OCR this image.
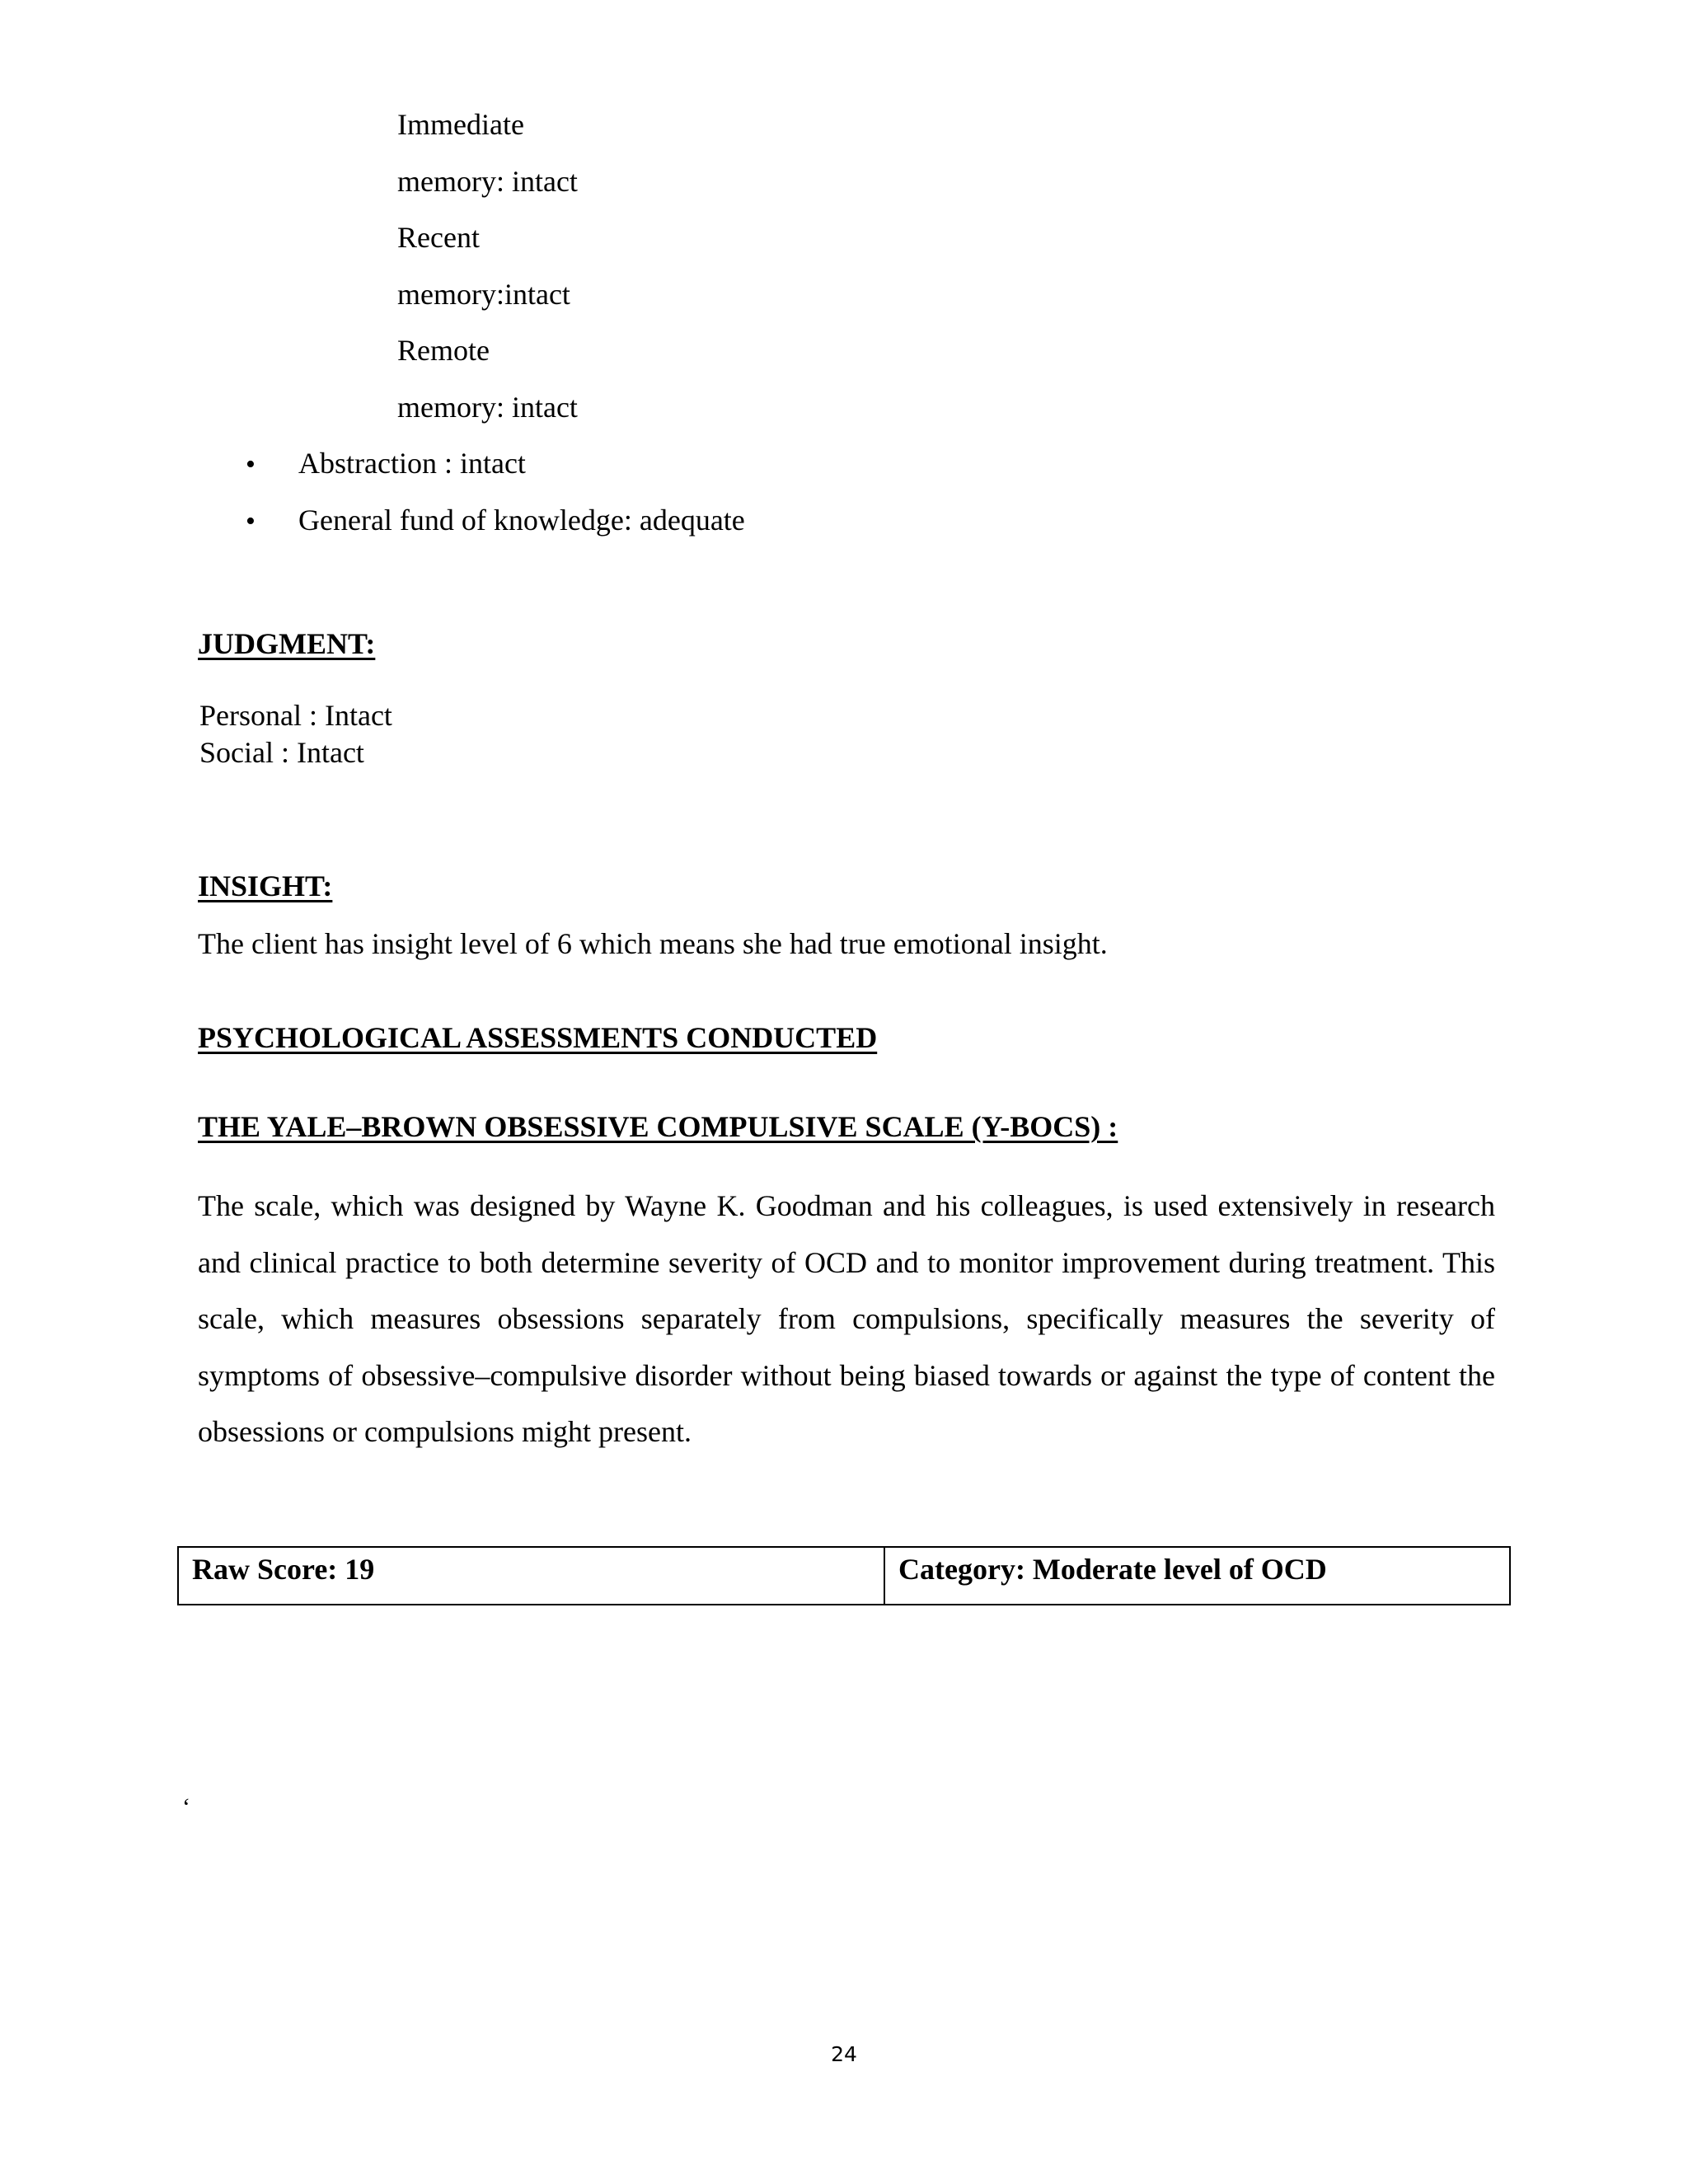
Immediate
memory: intact
Recent
memory:intact
Remote
memory: intact
• Abstraction : intact
• General fund of knowledge: adequate
JUDGMENT:
Personal : Intact
Social : Intact
INSIGHT:
The client has insight level of 6 which means she had true emotional insight.
PSYCHOLOGICAL ASSESSMENTS CONDUCTED
THE YALE–BROWN OBSESSIVE COMPULSIVE SCALE (Y-BOCS) :
The scale, which was designed by Wayne K. Goodman and his colleagues, is used extensively in research and clinical practice to both determine severity of OCD and to monitor improvement during treatment. This scale, which measures obsessions separately from compulsions, specifically measures the severity of symptoms of obsessive–compulsive disorder without being biased towards or against the type of content the obsessions or compulsions might present.
Raw Score: 19	Category: Moderate level of OCD
‘
24
